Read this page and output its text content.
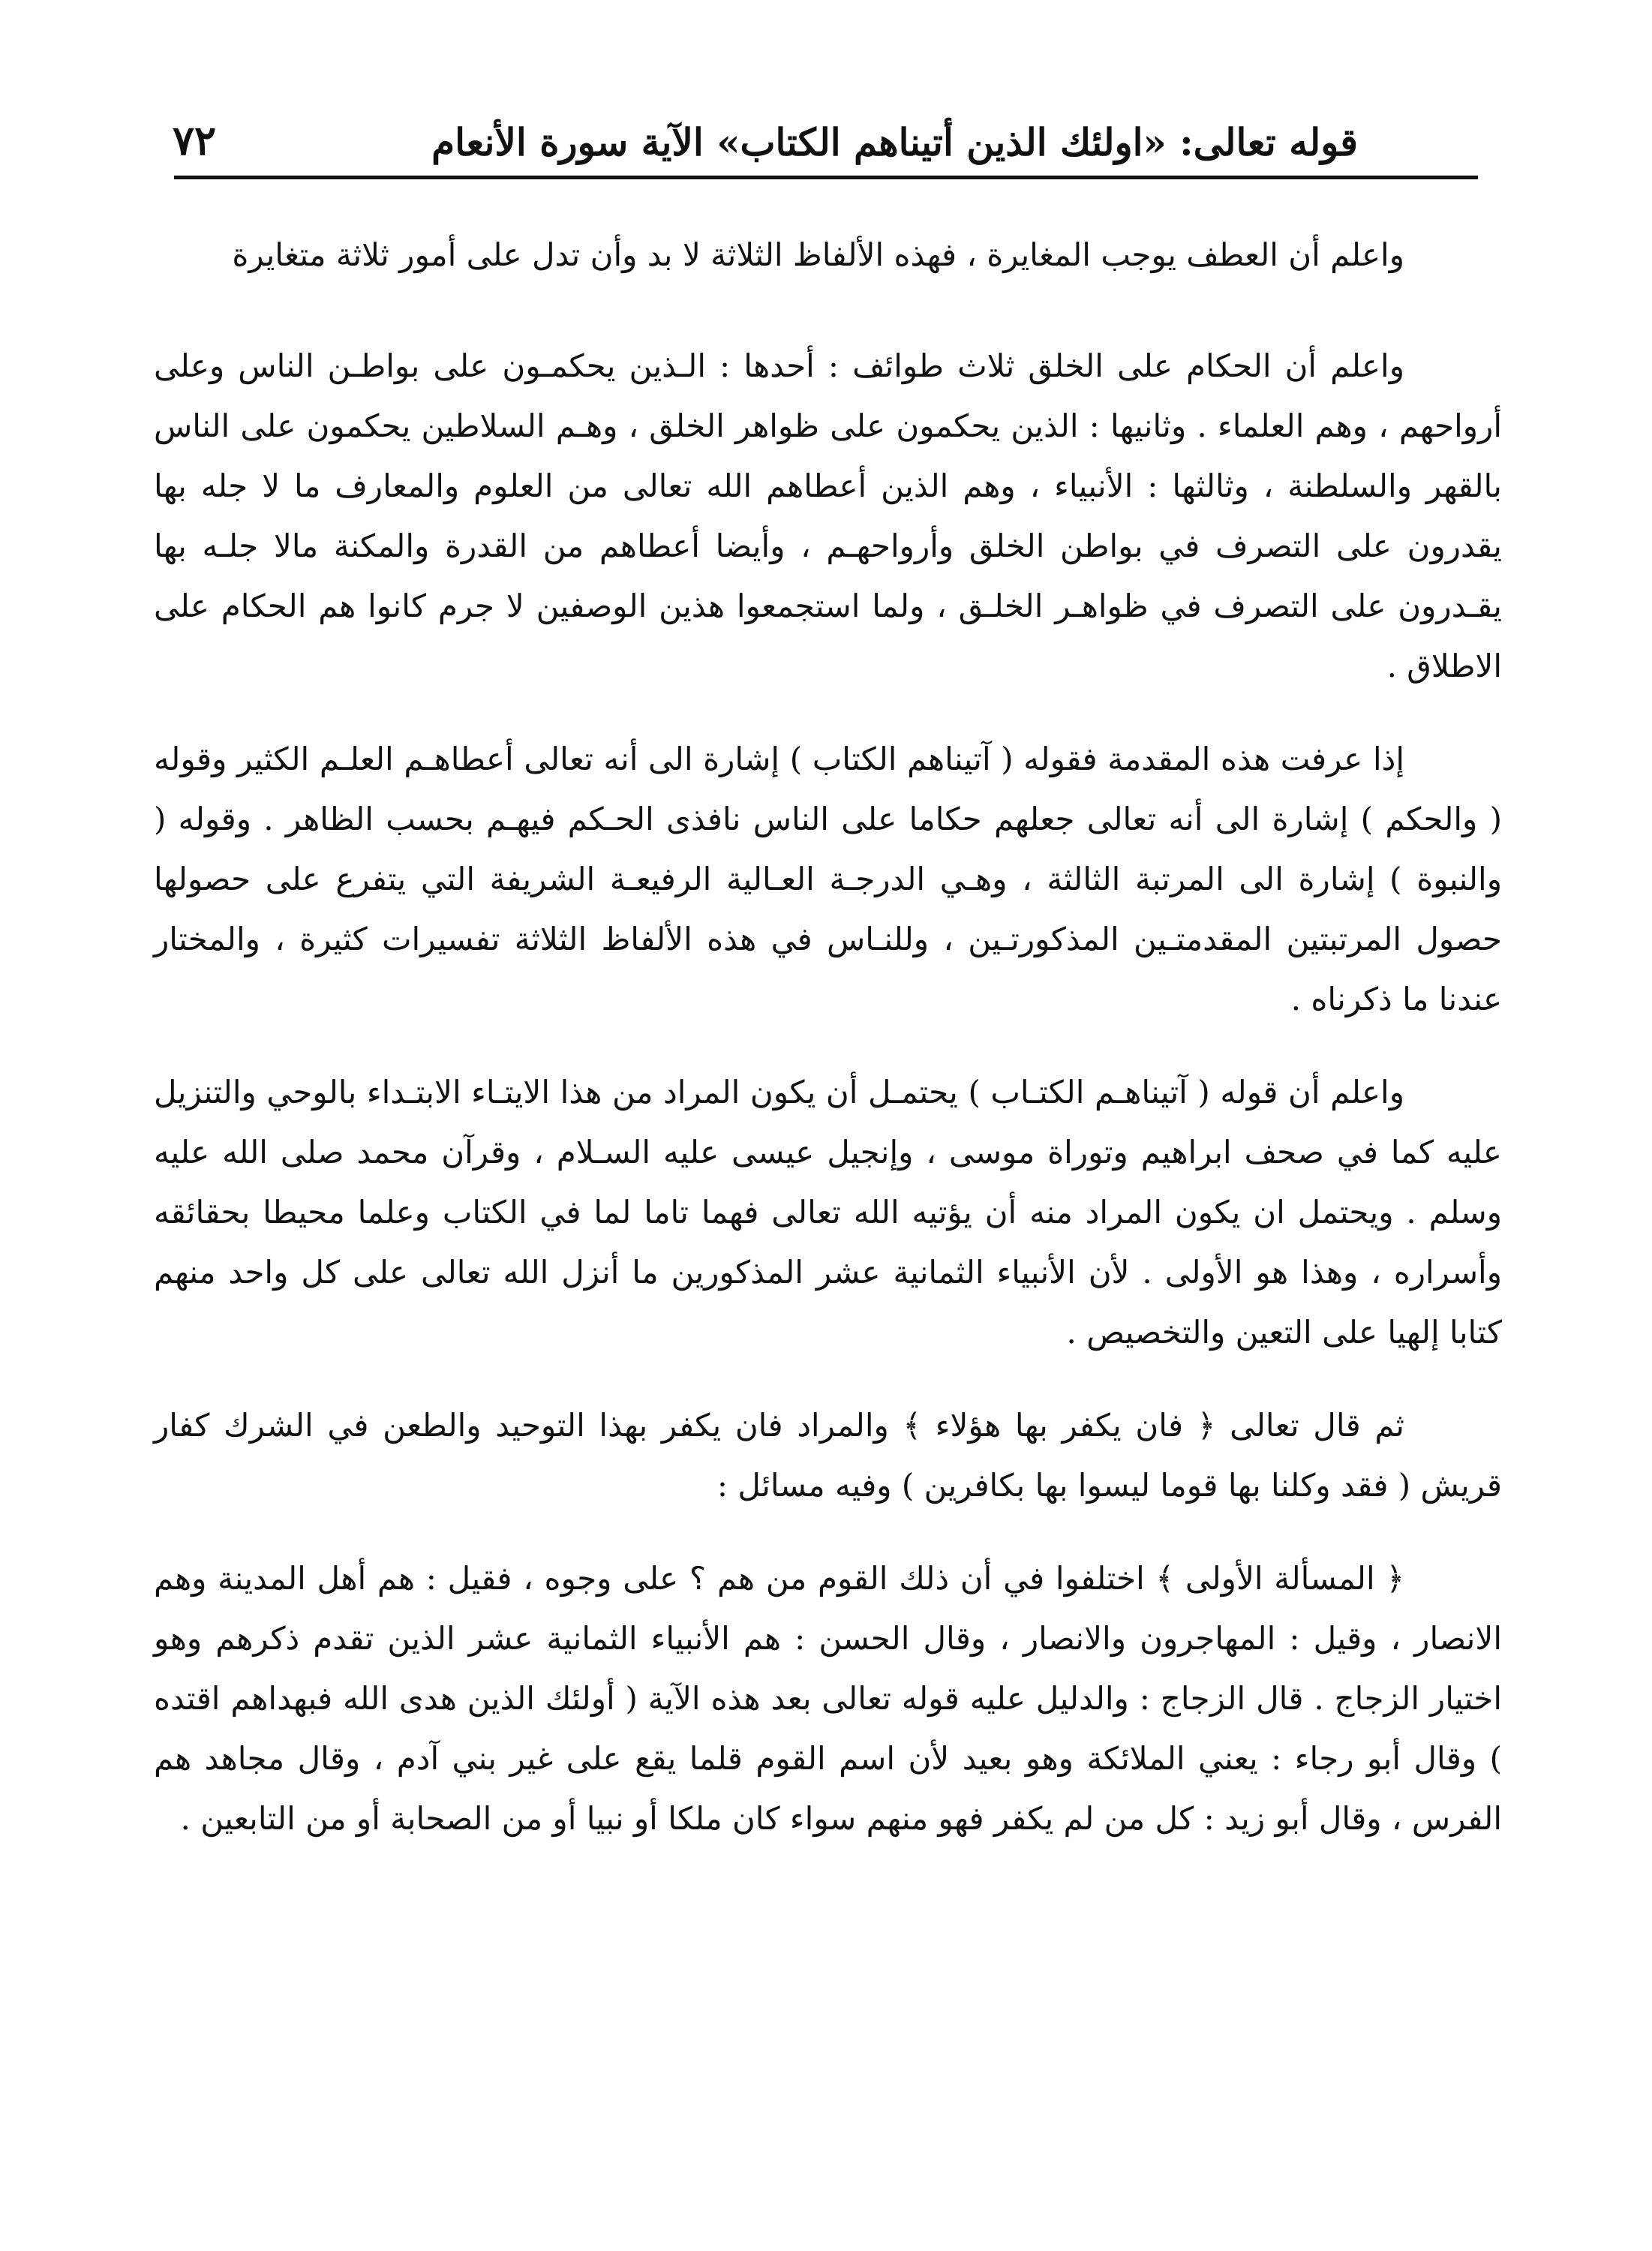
قوله تعالى: «اولئك الذين أتيناهم الكتاب» الآية سورة الأنعام
٧٢

واعلم أن العطف يوجب المغايرة ، فهذه الألفاظ الثلاثة لا بد وأن تدل على أمور ثلاثة متغايرة

واعلم أن الحكام على الخلق ثلاث طوائف : أحدها : الـذين يحكمـون على بواطـن الناس وعلى أرواحهم ، وهم العلماء . وثانيها : الذين يحكمون على ظواهر الخلق ، وهـم السلاطين يحكمون على الناس بالقهر والسلطنة ، وثالثها : الأنبياء ، وهم الذين أعطاهم الله تعالى من العلوم والمعارف ما لا جله بها يقدرون على التصرف في بواطن الخلق وأرواحهـم ، وأيضا أعطاهم من القدرة والمكنة مالا جلـه بها يقـدرون على التصرف في ظواهـر الخلـق ، ولما استجمعوا هذين الوصفين لا جرم كانوا هم الحكام على الاطلاق .

إذا عرفت هذه المقدمة فقوله ( آتيناهم الكتاب ) إشارة الى أنه تعالى أعطاهـم العلـم الكثير وقوله ( والحكم ) إشارة الى أنه تعالى جعلهم حكاما على الناس نافذى الحـكم فيهـم بحسب الظاهر . وقوله ( والنبوة ) إشارة الى المرتبة الثالثة ، وهـي الدرجـة العـالية الرفيعـة الشريفة التي يتفرع على حصولها حصول المرتبتين المقدمتـين المذكورتـين ، وللنـاس في هذه الألفاظ الثلاثة تفسيرات كثيرة ، والمختار عندنا ما ذكرناه .

واعلم أن قوله ( آتيناهـم الكتـاب ) يحتمـل أن يكون المراد من هذا الايتـاء الابتـداء بالوحي والتنزيل عليه كما في صحف ابراهيم وتوراة موسى ، وإنجيل عيسى عليه السـلام ، وقرآن محمد صلى الله عليه وسلم . ويحتمل ان يكون المراد منه أن يؤتيه الله تعالى فهما تاما لما في الكتاب وعلما محيطا بحقائقه وأسراره ، وهذا هو الأولى . لأن الأنبياء الثمانية عشر المذكورين ما أنزل الله تعالى على كل واحد منهم كتابا إلهيا على التعين والتخصيص .

ثم قال تعالى ﴿ فان يكفر بها هؤلاء ﴾ والمراد فان يكفر بهذا التوحيد والطعن في الشرك كفار قريش ( فقد وكلنا بها قوما ليسوا بها بكافرين ) وفيه مسائل :

﴿ المسألة الأولى ﴾ اختلفوا في أن ذلك القوم من هم ؟ على وجوه ، فقيل : هم أهل المدينة وهم الانصار ، وقيل : المهاجرون والانصار ، وقال الحسن : هم الأنبياء الثمانية عشر الذين تقدم ذكرهم وهو اختيار الزجاج . قال الزجاج : والدليل عليه قوله تعالى بعد هذه الآية ( أولئك الذين هدى الله فبهداهم اقتده ) وقال أبو رجاء : يعني الملائكة وهو بعيد لأن اسم القوم قلما يقع على غير بني آدم ، وقال مجاهد هم الفرس ، وقال أبو زيد : كل من لم يكفر فهو منهم سواء كان ملكا أو نبيا أو من الصحابة أو من التابعين .
